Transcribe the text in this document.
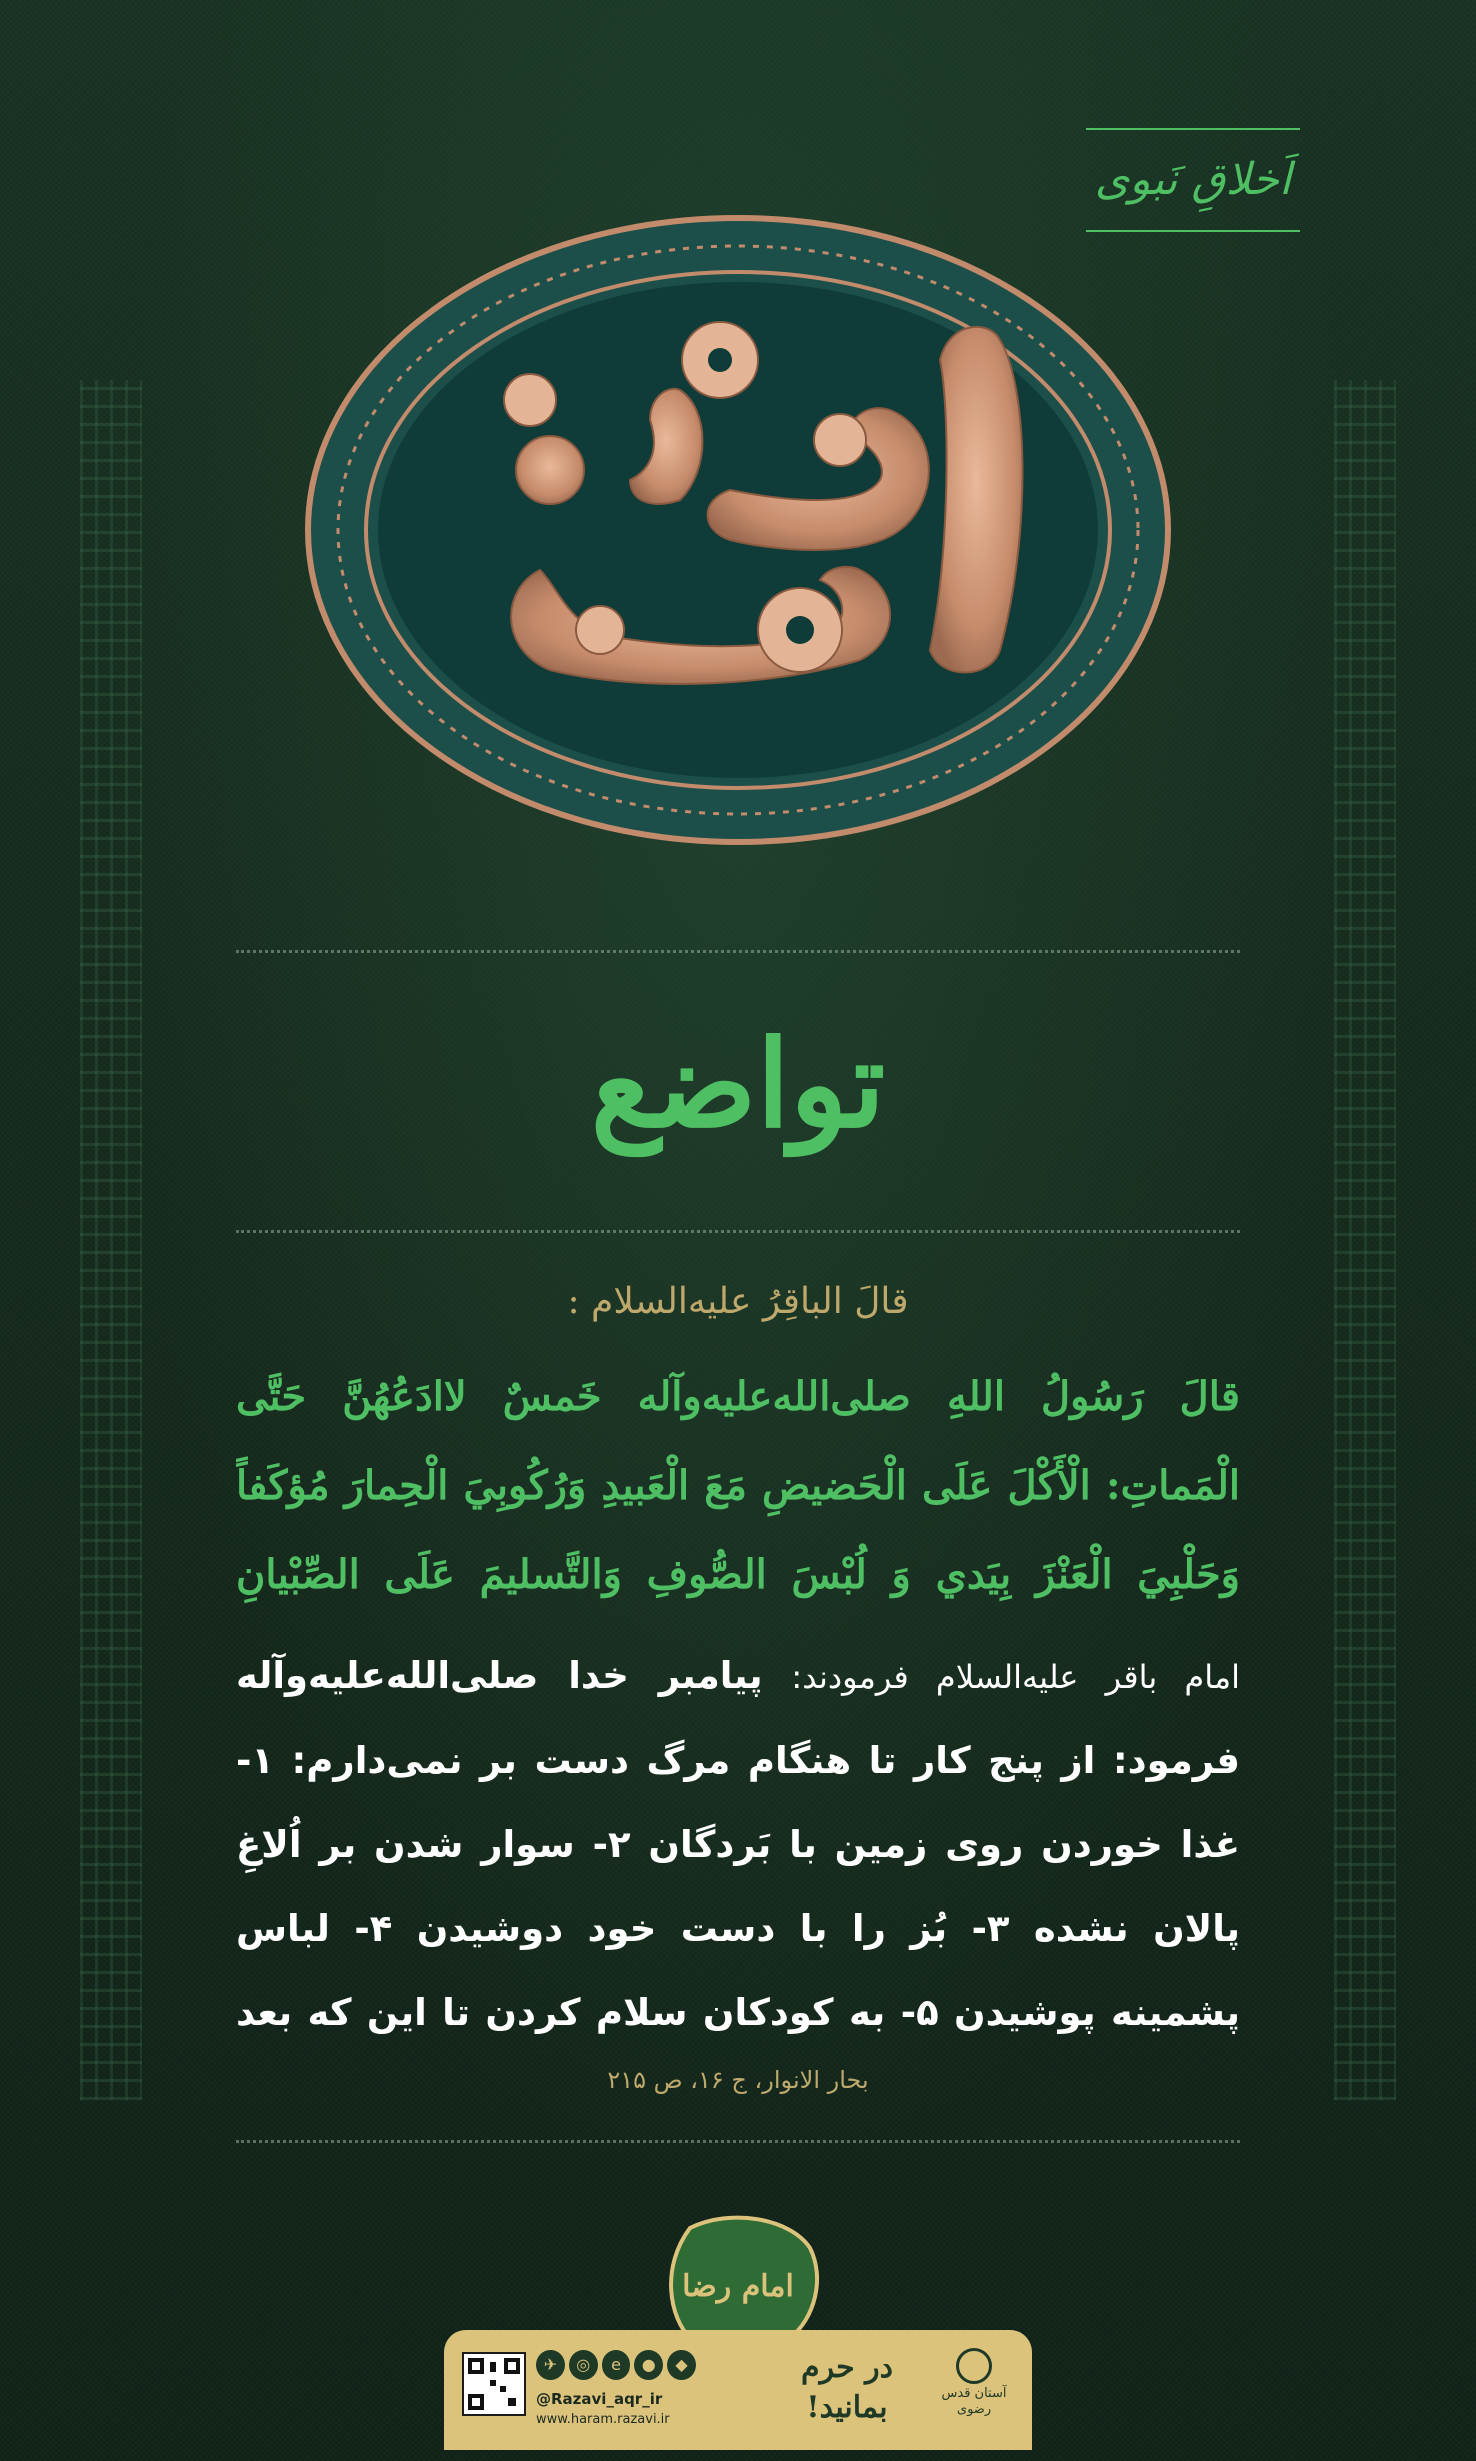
اَخلاقِ نَبوی
تواضع
قالَ الباقِرُ عليه‌السلام :
قالَ رَسُولُ اللهِ صلى‌الله‌عليه‌وآله خَمسٌ لاادَعُهُنَّ حَتَّى الْمَماتِ: الْأَكْلَ عَلَى الْحَضيضِ مَعَ الْعَبيدِ وَرُكُوبِيَ الْحِمارَ مُؤكَفاً وَحَلْبِيَ الْعَنْزَ بِيَدي وَ لُبْسَ الصُّوفِ وَالتَّسليمَ عَلَى الصِّبْيانِ
امام باقر عليه‌السلام فرمودند: پیامبر خدا صلى‌الله‌عليه‌وآله فرمود: از پنج کار تا هنگام مرگ دست بر نمی‌دارم: ۱- غذا خوردن روی زمین با بَردگان ۲- سوار شدن بر اُلاغِ پالان نشده ۳- بُز را با دست خود دوشیدن ۴- لباس پشمینه پوشیدن ۵- به کودکان سلام کردن تا این که بعد
بحار الانوار، ج ۱۶، ص ۲۱۵
امام رضا
✈	◎	e	●	◆
@Razavi_aqr_ir
www.haram.razavi.ir
در حرم
بمانید!	آستان قدس رضوی
